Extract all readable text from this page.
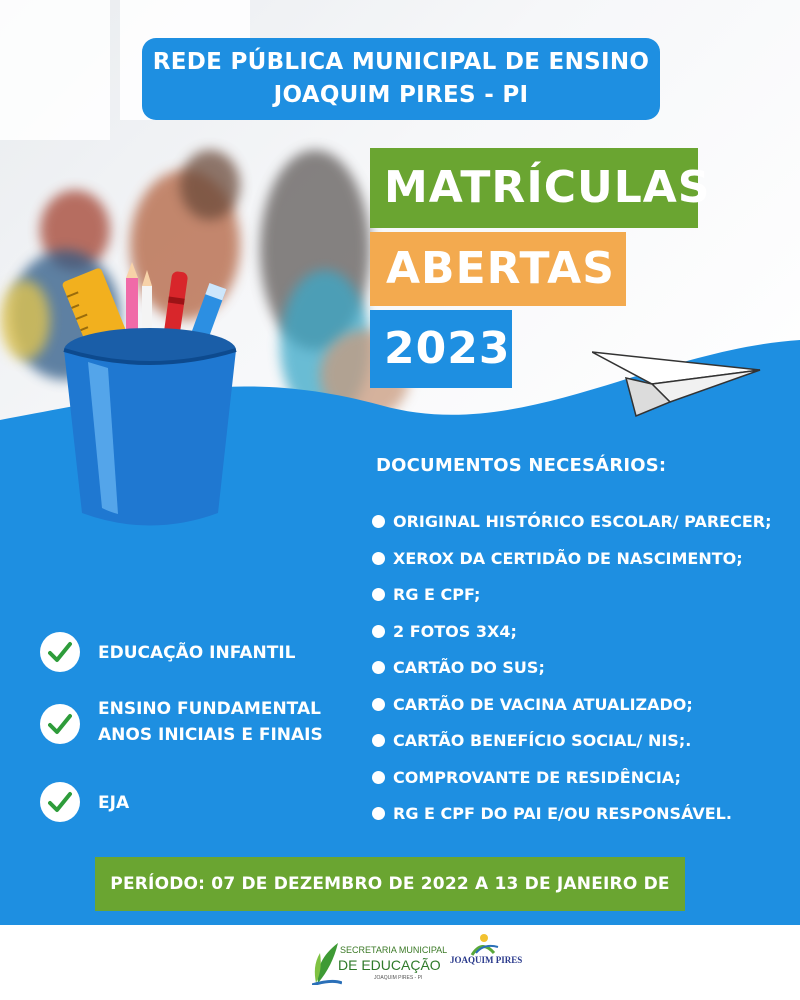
REDE PÚBLICA MUNICIPAL DE ENSINO
JOAQUIM PIRES - PI
MATRÍCULAS
ABERTAS
2023
DOCUMENTOS NECESÁRIOS:
ORIGINAL HISTÓRICO ESCOLAR/ PARECER;
XEROX DA CERTIDÃO DE NASCIMENTO;
RG E CPF;
2 FOTOS 3X4;
CARTÃO DO SUS;
CARTÃO DE VACINA ATUALIZADO;
CARTÃO BENEFÍCIO SOCIAL/ NIS;.
COMPROVANTE DE RESIDÊNCIA;
RG E CPF DO PAI E/OU RESPONSÁVEL.
EDUCAÇÃO INFANTIL
ENSINO FUNDAMENTAL
ANOS INICIAIS E FINAIS
EJA
PERÍODO: 07 DE DEZEMBRO DE 2022 A 13 DE JANEIRO DE
SECRETARIA MUNICIPAL
DE EDUCAÇÃO
JOAQUIM PIRES - PI
JOAQUIM PIRES
